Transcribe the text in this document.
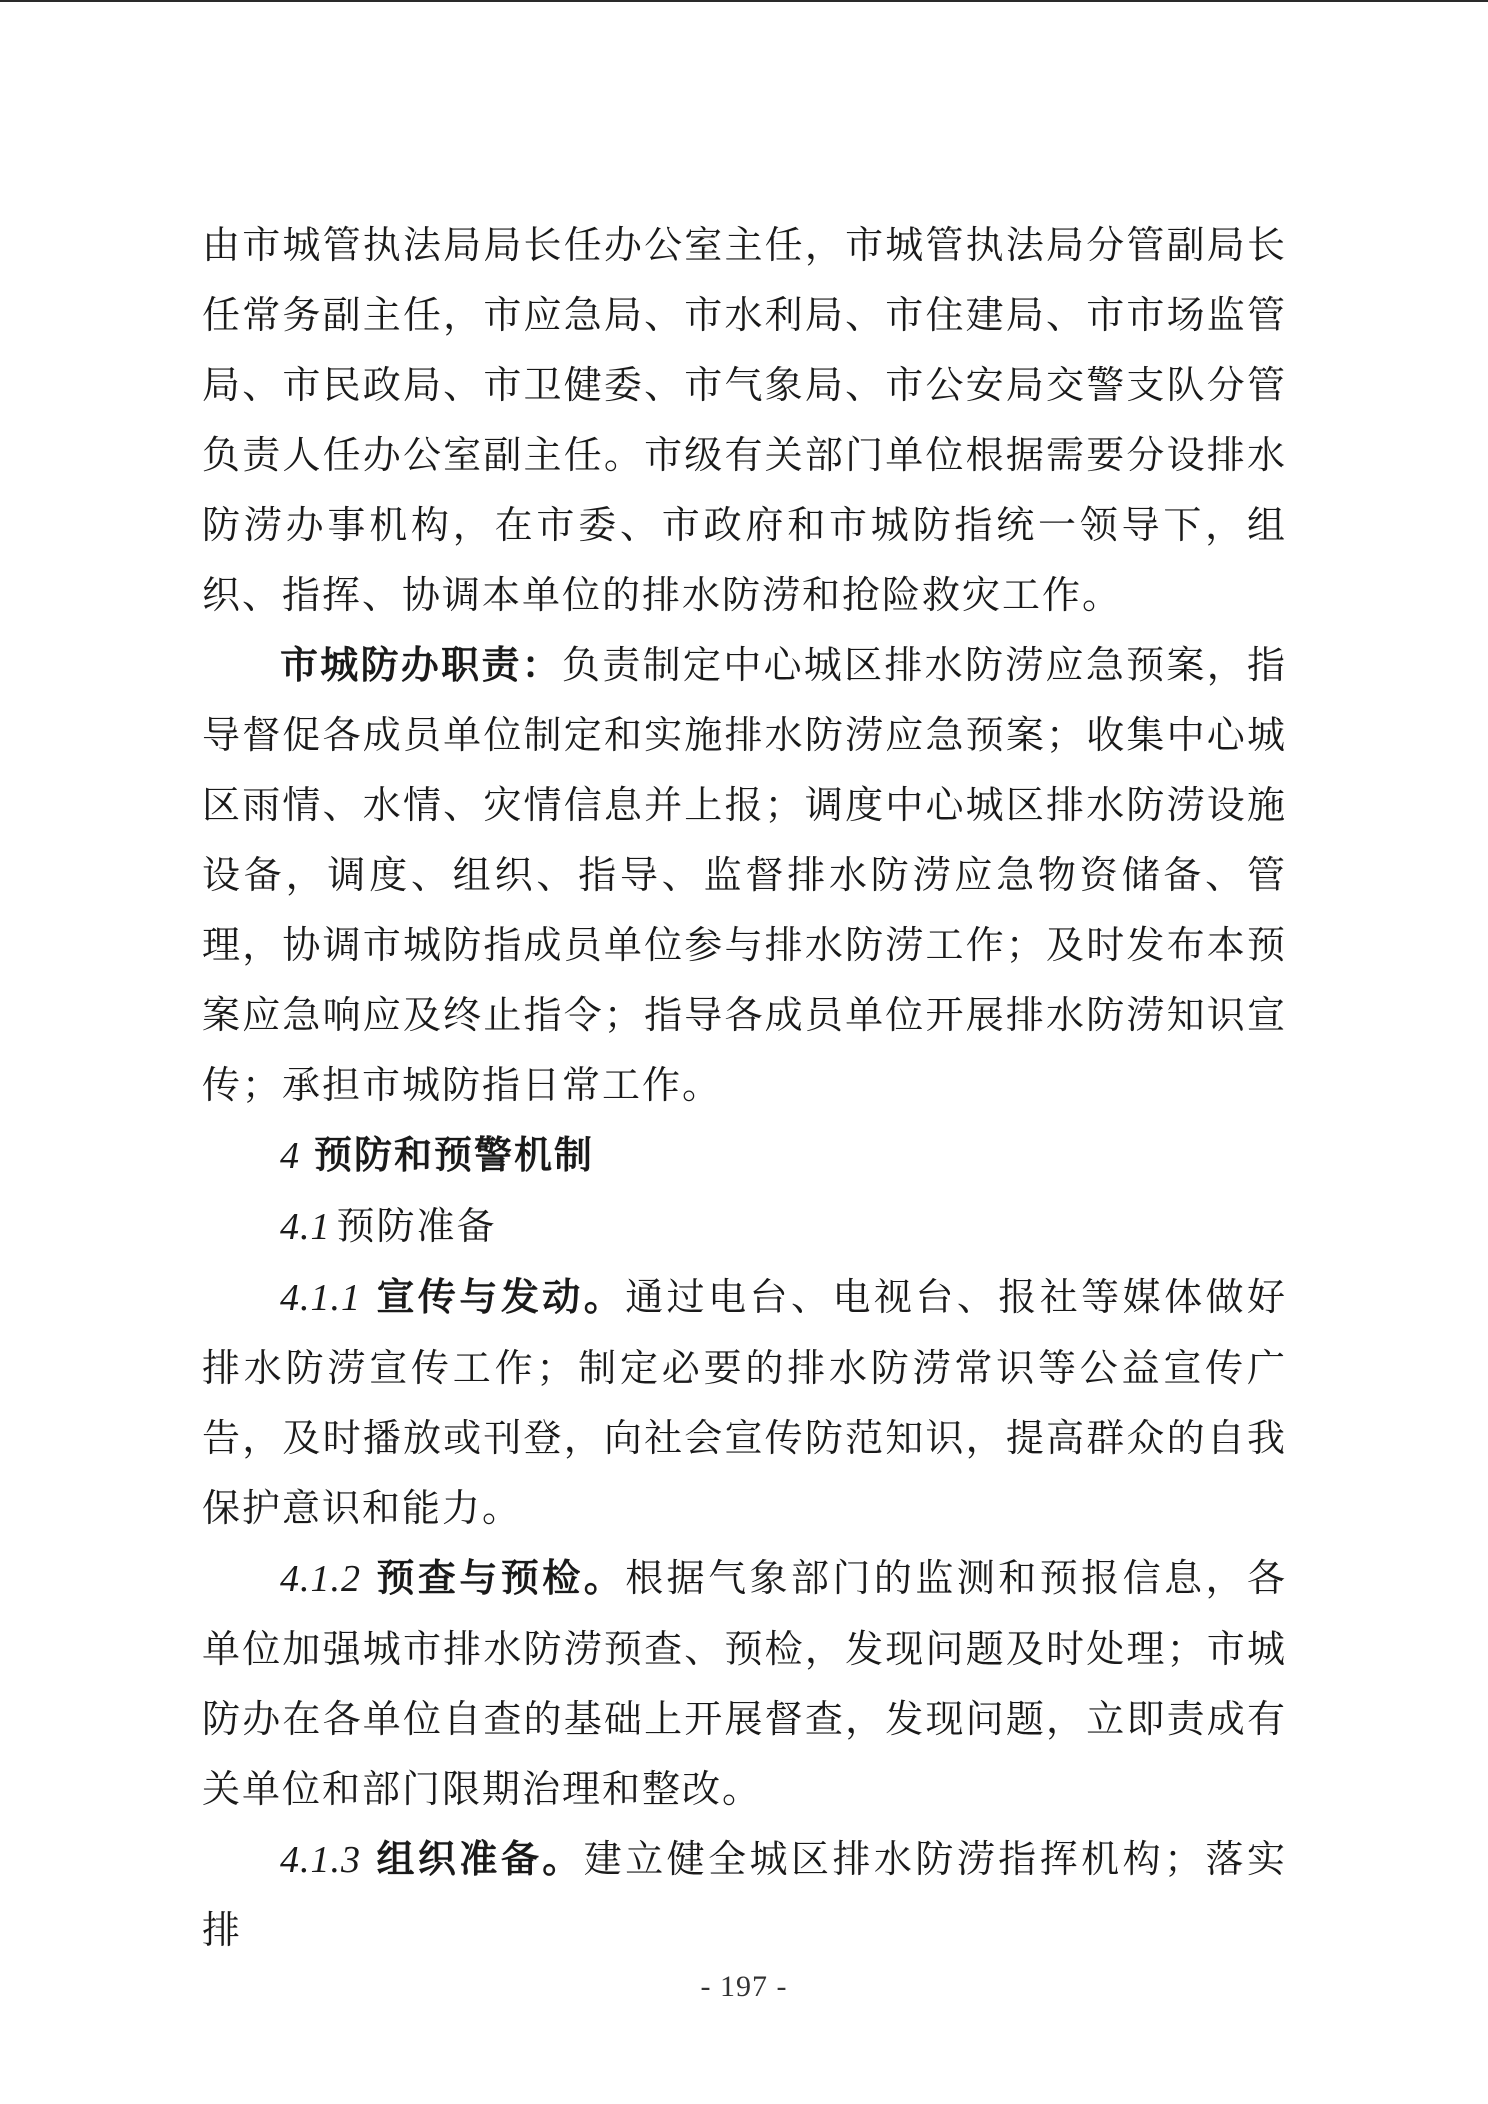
由市城管执法局局长任办公室主任，市城管执法局分管副局长任常务副主任，市应急局、市水利局、市住建局、市市场监管局、市民政局、市卫健委、市气象局、市公安局交警支队分管负责人任办公室副主任。市级有关部门单位根据需要分设排水防涝办事机构，在市委、市政府和市城防指统一领导下，组织、指挥、协调本单位的排水防涝和抢险救灾工作。

市城防办职责：负责制定中心城区排水防涝应急预案，指导督促各成员单位制定和实施排水防涝应急预案；收集中心城区雨情、水情、灾情信息并上报；调度中心城区排水防涝设施设备，调度、组织、指导、监督排水防涝应急物资储备、管理，协调市城防指成员单位参与排水防涝工作；及时发布本预案应急响应及终止指令；指导各成员单位开展排水防涝知识宣传；承担市城防指日常工作。

4 预防和预警机制

4.1 预防准备

4.1.1 宣传与发动。通过电台、电视台、报社等媒体做好排水防涝宣传工作；制定必要的排水防涝常识等公益宣传广告，及时播放或刊登，向社会宣传防范知识，提高群众的自我保护意识和能力。

4.1.2 预查与预检。根据气象部门的监测和预报信息，各单位加强城市排水防涝预查、预检，发现问题及时处理；市城防办在各单位自查的基础上开展督查，发现问题，立即责成有关单位和部门限期治理和整改。

4.1.3 组织准备。建立健全城区排水防涝指挥机构；落实排

- 197 -
